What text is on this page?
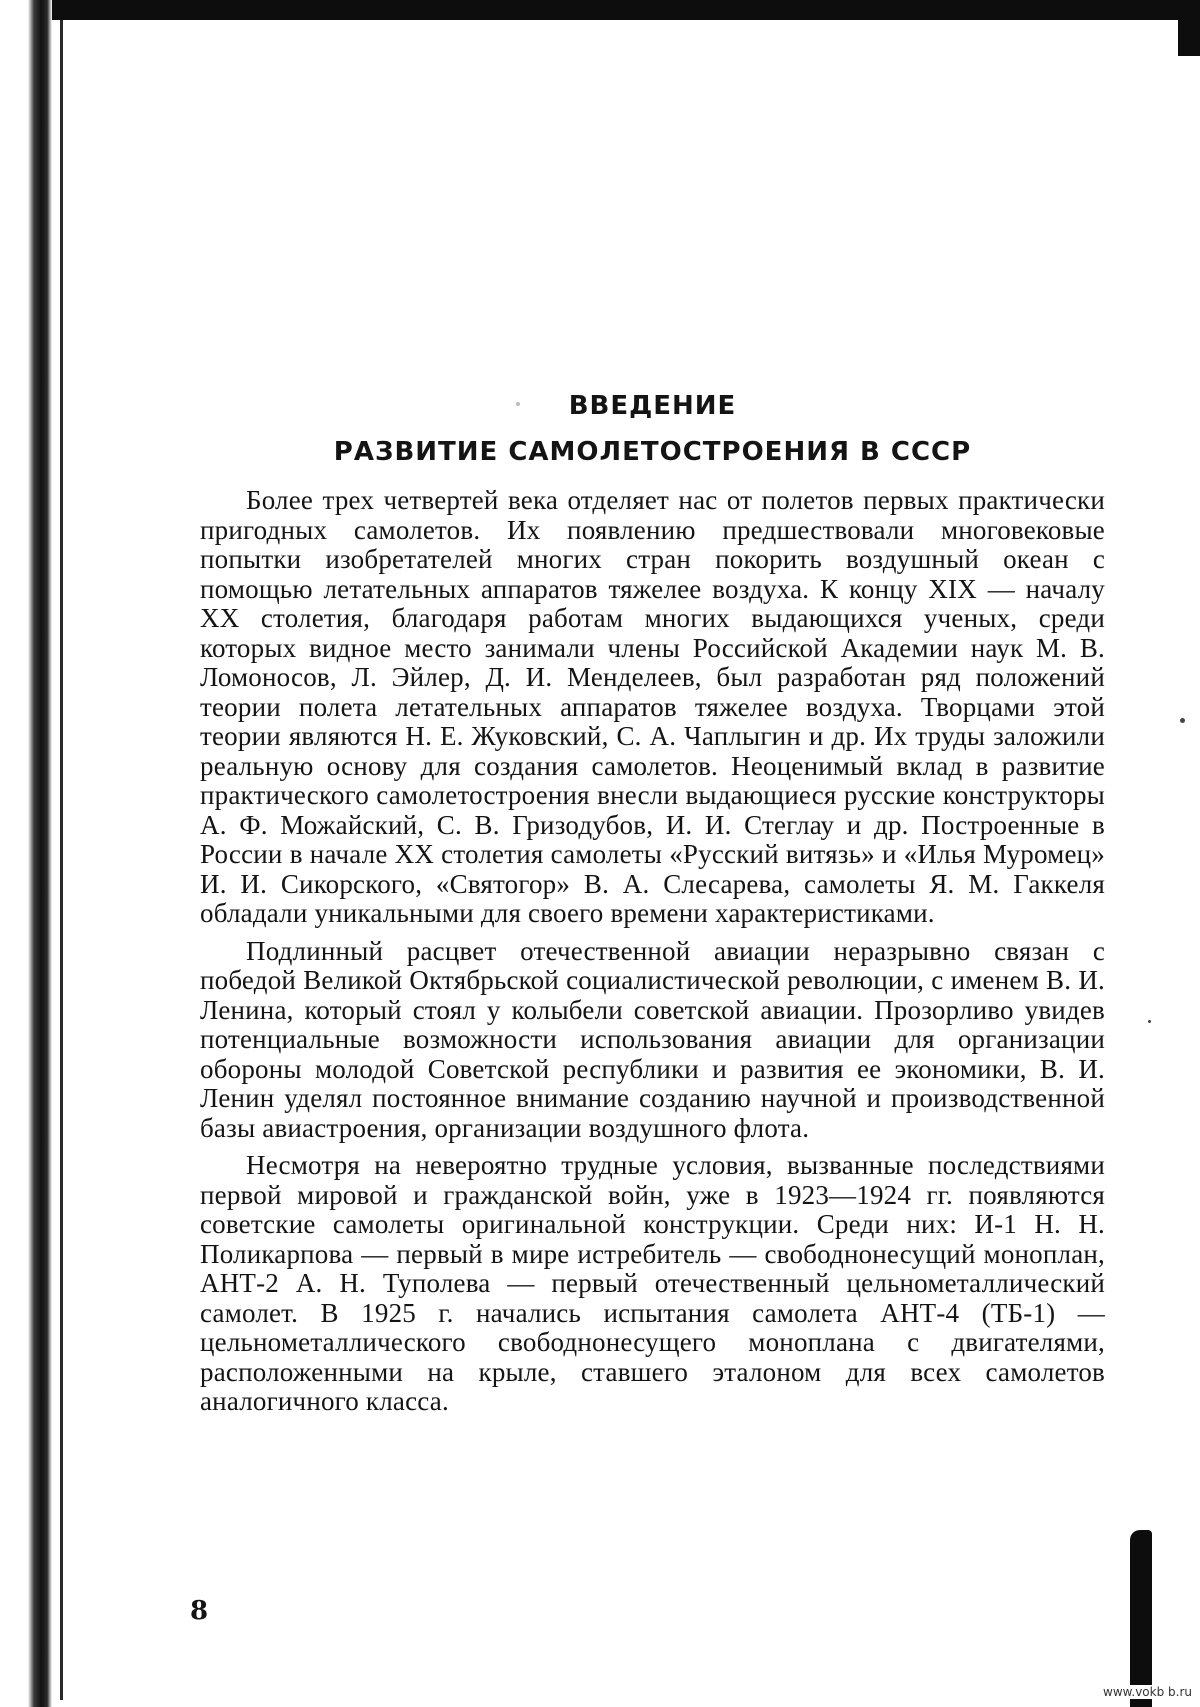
ВВЕДЕНИЕ
РАЗВИТИЕ САМОЛЕТОСТРОЕНИЯ В СССР

Более трех четвертей века отделяет нас от полетов первых практически пригодных самолетов. Их появлению предшествовали многовековые попытки изобретателей многих стран покорить воздушный океан с помощью летательных аппаратов тяжелее воздуха. К концу XIX — началу XX столетия, благодаря работам многих выдающихся ученых, среди которых видное место занимали члены Российской Академии наук М. В. Ломоносов, Л. Эйлер, Д. И. Менделеев, был разработан ряд положений теории полета летательных аппаратов тяжелее воздуха. Творцами этой теории являются Н. Е. Жуковский, С. А. Чаплыгин и др. Их труды заложили реальную основу для создания самолетов. Неоценимый вклад в развитие практического самолетостроения внесли выдающиеся русские конструкторы А. Ф. Можайский, С. В. Гризодубов, И. И. Стеглау и др. Построенные в России в начале XX столетия самолеты «Русский витязь» и «Илья Муромец» И. И. Сикорского, «Святогор» В. А. Слесарева, самолеты Я. М. Гаккеля обладали уникальными для своего времени характеристиками.

Подлинный расцвет отечественной авиации неразрывно связан с победой Великой Октябрьской социалистической революции, с именем В. И. Ленина, который стоял у колыбели советской авиации. Прозорливо увидев потенциальные возможности использования авиации для организации обороны молодой Советской республики и развития ее экономики, В. И. Ленин уделял постоянное внимание созданию научной и производственной базы авиастроения, организации воздушного флота.

Несмотря на невероятно трудные условия, вызванные последствиями первой мировой и гражданской войн, уже в 1923—1924 гг. появляются советские самолеты оригинальной конструкции. Среди них: И-1 Н. Н. Поликарпова — первый в мире истребитель — свободнонесущий моноплан, АНТ-2 А. Н. Туполева — первый отечественный цельнометаллический самолет. В 1925 г. начались испытания самолета АНТ-4 (ТБ-1) — цельнометаллического свободнонесущего моноплана с двигателями, расположенными на крыле, ставшего эталоном для всех самолетов аналогичного класса.

8
www.vokb b.ru
